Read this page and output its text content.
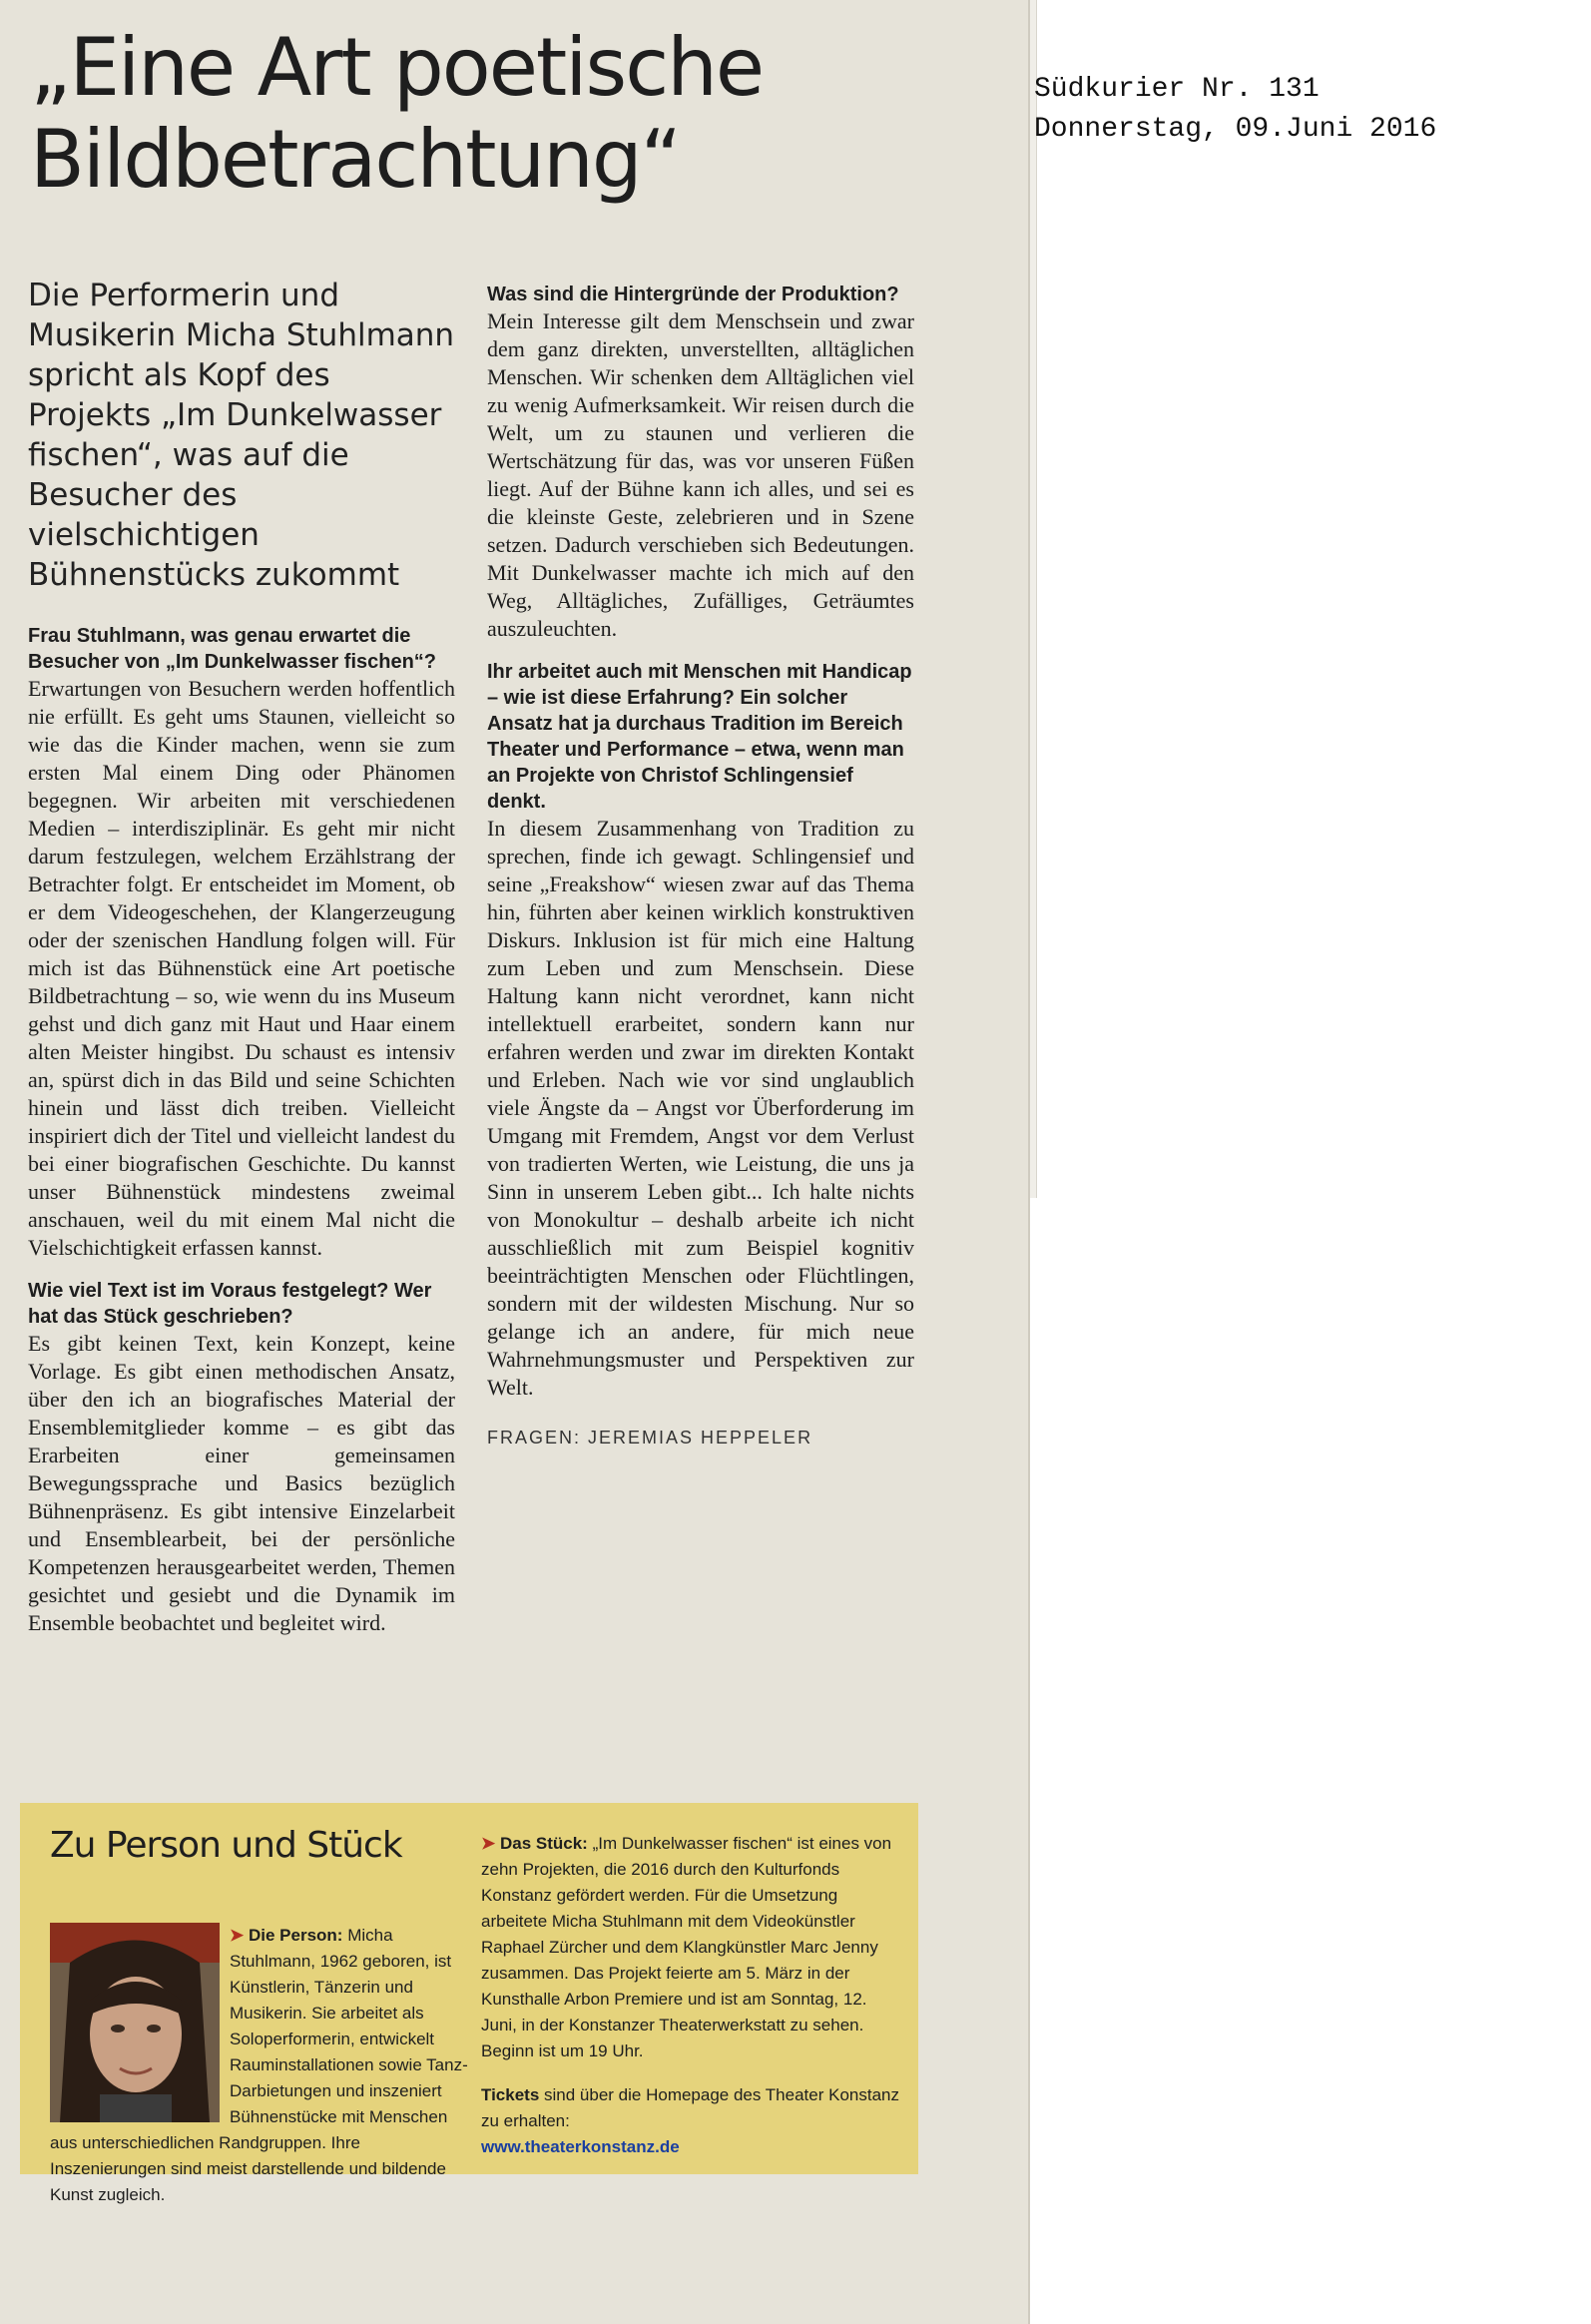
„Eine Art poetische Bildbetrachtung“

Die Performerin und Musikerin Micha Stuhlmann spricht als Kopf des Projekts „Im Dunkelwasser fischen“, was auf die Besucher des vielschichtigen Bühnenstücks zukommt

Frau Stuhlmann, was genau erwartet die Besucher von „Im Dunkelwasser fischen“?

Erwartungen von Besuchern werden hoffentlich nie erfüllt. Es geht ums Staunen, vielleicht so wie das die Kinder machen, wenn sie zum ersten Mal einem Ding oder Phänomen begegnen. Wir arbeiten mit verschiedenen Medien – interdisziplinär. Es geht mir nicht darum festzulegen, welchem Erzählstrang der Betrachter folgt. Er entscheidet im Moment, ob er dem Videogeschehen, der Klangerzeugung oder der szenischen Handlung folgen will. Für mich ist das Bühnenstück eine Art poetische Bildbetrachtung – so, wie wenn du ins Museum gehst und dich ganz mit Haut und Haar einem alten Meister hingibst. Du schaust es intensiv an, spürst dich in das Bild und seine Schichten hinein und lässt dich treiben. Vielleicht inspiriert dich der Titel und vielleicht landest du bei einer biografischen Geschichte. Du kannst unser Bühnenstück mindestens zweimal anschauen, weil du mit einem Mal nicht die Vielschichtigkeit erfassen kannst.

Wie viel Text ist im Voraus festgelegt? Wer hat das Stück geschrieben?

Es gibt keinen Text, kein Konzept, keine Vorlage. Es gibt einen methodischen Ansatz, über den ich an biografisches Material der Ensemblemitglieder komme – es gibt das Erarbeiten einer gemeinsamen Bewegungssprache und Basics bezüglich Bühnenpräsenz. Es gibt intensive Einzelarbeit und Ensemblearbeit, bei der persönliche Kompetenzen herausgearbeitet werden, Themen gesichtet und gesiebt und die Dynamik im Ensemble beobachtet und begleitet wird.

Was sind die Hintergründe der Produktion?

Mein Interesse gilt dem Menschsein und zwar dem ganz direkten, unverstellten, alltäglichen Menschen. Wir schenken dem Alltäglichen viel zu wenig Aufmerksamkeit. Wir reisen durch die Welt, um zu staunen und verlieren die Wertschätzung für das, was vor unseren Füßen liegt. Auf der Bühne kann ich alles, und sei es die kleinste Geste, zelebrieren und in Szene setzen. Dadurch verschieben sich Bedeutungen. Mit Dunkelwasser machte ich mich auf den Weg, Alltägliches, Zufälliges, Geträumtes auszuleuchten.

Ihr arbeitet auch mit Menschen mit Handicap – wie ist diese Erfahrung? Ein solcher Ansatz hat ja durchaus Tradition im Bereich Theater und Performance – etwa, wenn man an Projekte von Christof Schlingensief denkt.

In diesem Zusammenhang von Tradition zu sprechen, finde ich gewagt. Schlingensief und seine „Freakshow“ wiesen zwar auf das Thema hin, führten aber keinen wirklich konstruktiven Diskurs. Inklusion ist für mich eine Haltung zum Leben und zum Menschsein. Diese Haltung kann nicht verordnet, kann nicht intellektuell erarbeitet, sondern kann nur erfahren werden und zwar im direkten Kontakt und Erleben. Nach wie vor sind unglaublich viele Ängste da – Angst vor Überforderung im Umgang mit Fremdem, Angst vor dem Verlust von tradierten Werten, wie Leistung, die uns ja Sinn in unserem Leben gibt... Ich halte nichts von Monokultur – deshalb arbeite ich nicht ausschließlich mit zum Beispiel kognitiv beeinträchtigten Menschen oder Flüchtlingen, sondern mit der wildesten Mischung. Nur so gelange ich an andere, für mich neue Wahrnehmungsmuster und Perspektiven zur Welt.

FRAGEN: JEREMIAS HEPPELER
Zu Person und Stück
➤ Die Person: Micha Stuhlmann, 1962 geboren, ist Künstlerin, Tänzerin und Musikerin. Sie arbeitet als Soloperformerin, entwickelt Rauminstallationen sowie Tanz-Darbietungen und inszeniert Bühnenstücke mit Menschen aus unterschiedlichen Randgruppen. Ihre Inszenierungen sind meist darstellende und bildende Kunst zugleich.

➤ Das Stück: „Im Dunkelwasser fischen“ ist eines von zehn Projekten, die 2016 durch den Kulturfonds Konstanz gefördert werden. Für die Umsetzung arbeitete Micha Stuhlmann mit dem Videokünstler Raphael Zürcher und dem Klangkünstler Marc Jenny zusammen. Das Projekt feierte am 5. März in der Kunsthalle Arbon Premiere und ist am Sonntag, 12. Juni, in der Konstanzer Theaterwerkstatt zu sehen. Beginn ist um 19 Uhr.

Tickets sind über die Homepage des Theater Konstanz zu erhalten:
www.theaterkonstanz.de

Südkurier Nr. 131
Donnerstag, 09.Juni 2016
